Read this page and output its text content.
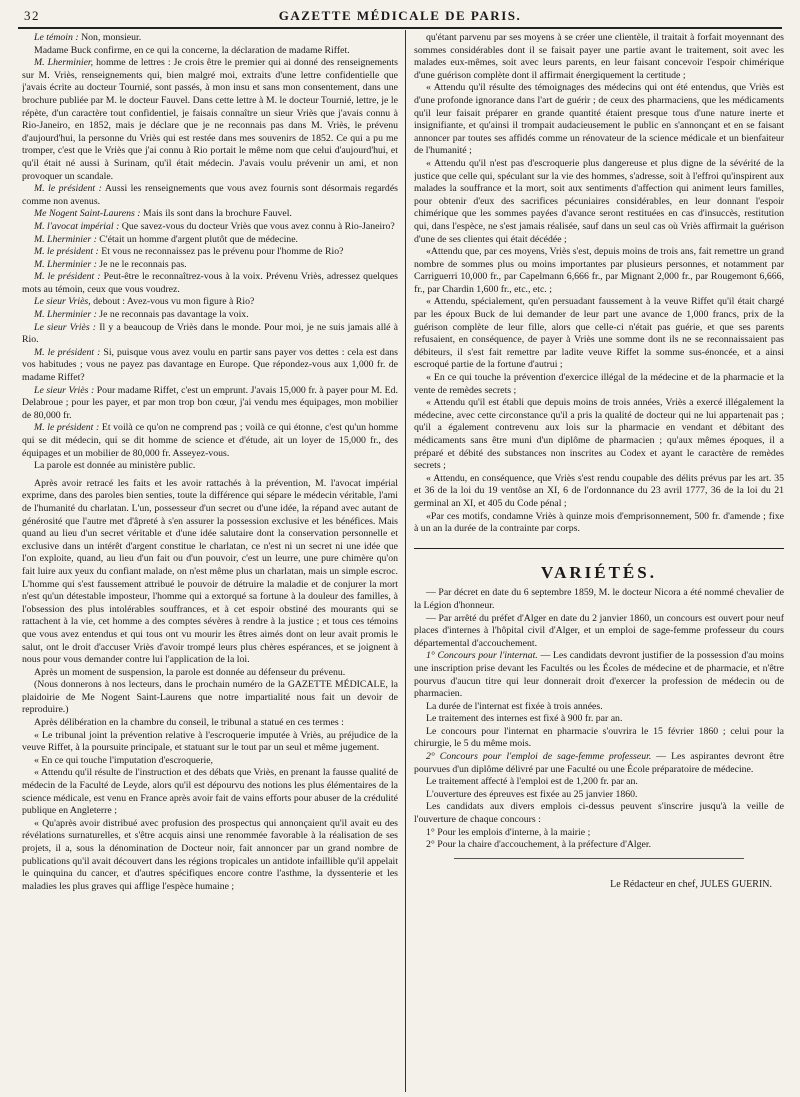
32	GAZETTE MÉDICALE DE PARIS.

Le témoin : Non, monsieur.

Madame Buck confirme, en ce qui la concerne, la déclaration de madame Riffet.

M. Lherminier, homme de lettres : Je crois être le premier qui ai donné des renseignements sur M. Vriès, renseignements qui, bien malgré moi, extraits d'une lettre confidentielle que j'avais écrite au docteur Tournié, sont passés, à mon insu et sans mon consentement, dans une brochure publiée par M. le docteur Fauvel. Dans cette lettre à M. le docteur Tournié, lettre, je le répète, d'un caractère tout confidentiel, je faisais connaître un sieur Vriès que j'avais connu à Rio-Janeiro, en 1852, mais je déclare que je ne reconnais pas dans M. Vriès, le prévenu d'aujourd'hui, la personne du Vriès qui est restée dans mes souvenirs de 1852. Ce qui a pu me tromper, c'est que le Vriès que j'ai connu à Rio portait le même nom que celui d'aujourd'hui, et qu'il était né aussi à Surinam, qu'il était médecin. J'avais voulu prévenir un ami, et non provoquer un scandale.

M. le président : Aussi les renseignements que vous avez fournis sont désormais regardés comme non avenus.

Me Nogent Saint-Laurens : Mais ils sont dans la brochure Fauvel.

M. l'avocat impérial : Que savez-vous du docteur Vriès que vous avez connu à Rio-Janeiro?

M. Lherminier : C'était un homme d'argent plutôt que de médecine.

M. le président : Et vous ne reconnaissez pas le prévenu pour l'homme de Rio?

M. Lherminier : Je ne le reconnais pas.

M. le président : Peut-être le reconnaîtrez-vous à la voix. Prévenu Vriès, adressez quelques mots au témoin, ceux que vous voudrez.

Le sieur Vriès, debout : Avez-vous vu mon figure à Rio?

M. Lherminier : Je ne reconnais pas davantage la voix.

Le sieur Vriès : Il y a beaucoup de Vriès dans le monde. Pour moi, je ne suis jamais allé à Rio.

M. le président : Si, puisque vous avez voulu en partir sans payer vos dettes : cela est dans vos habitudes ; vous ne payez pas davantage en Europe. Que répondez-vous aux 1,000 fr. de madame Riffet?

Le sieur Vriès : Pour madame Riffet, c'est un emprunt. J'avais 15,000 fr. à payer pour M. Ed. Delabroue ; pour les payer, et par mon trop bon cœur, j'ai vendu mes équipages, mon mobilier de 80,000 fr.

M. le président : Et voilà ce qu'on ne comprend pas ; voilà ce qui étonne, c'est qu'un homme qui se dit médecin, qui se dit homme de science et d'étude, ait un loyer de 15,000 fr., des équipages et un mobilier de 80,000 fr. Asseyez-vous.

La parole est donnée au ministère public.

Après avoir retracé les faits et les avoir rattachés à la prévention, M. l'avocat impérial exprime, dans des paroles bien senties, toute la différence qui sépare le médecin véritable, l'ami de l'humanité du charlatan. L'un, possesseur d'un secret ou d'une idée, la répand avec autant de générosité que l'autre met d'âpreté à s'en assurer la possession exclusive et les bénéfices. Mais quand au lieu d'un secret véritable et d'une idée salutaire dont la conservation personnelle et exclusive dans un intérêt d'argent constitue le charlatan, ce n'est ni un secret ni une idée que l'on exploite, quand, au lieu d'un fait ou d'un pouvoir, c'est un leurre, une pure chimère qu'on fait luire aux yeux du confiant malade, on n'est même plus un charlatan, mais un simple escroc. L'homme qui s'est faussement attribué le pouvoir de détruire la maladie et de conjurer la mort n'est qu'un détestable imposteur, l'homme qui a extorqué sa fortune à la douleur des familles, à l'obsession des plus intolérables souffrances, et à cet espoir obstiné des mourants qui se rattachent à la vie, cet homme a des comptes sévères à rendre à la justice ; et tous ces témoins que vous avez entendus et qui tous ont vu mourir les êtres aimés dont on leur avait promis le salut, ont le droit d'accuser Vriès d'avoir trompé leurs plus chères espérances, et se joignent à nous pour vous demander contre lui l'application de la loi.

Après un moment de suspension, la parole est donnée au défenseur du prévenu.

(Nous donnerons à nos lecteurs, dans le prochain numéro de la GAZETTE MÉDICALE, la plaidoirie de Me Nogent Saint-Laurens que notre impartialité nous fait un devoir de reproduire.)

Après délibération en la chambre du conseil, le tribunal a statué en ces termes :

« Le tribunal joint la prévention relative à l'escroquerie imputée à Vriès, au préjudice de la veuve Riffet, à la poursuite principale, et statuant sur le tout par un seul et même jugement.

« En ce qui touche l'imputation d'escroquerie,

« Attendu qu'il résulte de l'instruction et des débats que Vriès, en prenant la fausse qualité de médecin de la Faculté de Leyde, alors qu'il est dépourvu des notions les plus élémentaires de la science médicale, est venu en France après avoir fait de vains efforts pour abuser de la crédulité publique en Angleterre ;

« Qu'après avoir distribué avec profusion des prospectus qui annonçaient qu'il avait eu des révélations surnaturelles, et s'être acquis ainsi une renommée favorable à la réalisation de ses projets, il a, sous la dénomination de Docteur noir, fait annoncer par un grand nombre de publications qu'il avait découvert dans les régions tropicales un antidote infaillible qu'il appelait le quinquina du cancer, et d'autres spécifiques encore contre l'asthme, la dyssenterie et les maladies les plus graves qui afflige l'espèce humaine ;

qu'étant parvenu par ses moyens à se créer une clientèle, il traitait à forfait moyennant des sommes considérables dont il se faisait payer une partie avant le traitement, soit avec les malades eux-mêmes, soit avec leurs parents, en leur faisant concevoir l'espoir chimérique d'une guérison complète dont il affirmait énergiquement la certitude ;

« Attendu qu'il résulte des témoignages des médecins qui ont été entendus, que Vriès est d'une profonde ignorance dans l'art de guérir ; de ceux des pharmaciens, que les médicaments qu'il leur faisait préparer en grande quantité étaient presque tous d'une nature inerte et insignifiante, et qu'ainsi il trompait audacieusement le public en s'annonçant et en se faisant annoncer par toutes ses affidés comme un rénovateur de la science médicale et un bienfaiteur de l'humanité ;

« Attendu qu'il n'est pas d'escroquerie plus dangereuse et plus digne de la sévérité de la justice que celle qui, spéculant sur la vie des hommes, s'adresse, soit à l'effroi qu'inspirent aux malades la souffrance et la mort, soit aux sentiments d'affection qui animent leurs familles, pour obtenir d'eux des sacrifices pécuniaires considérables, en leur donnant l'espoir chimérique que les sommes payées d'avance seront restituées en cas d'insuccès, restitution qui, dans l'espèce, ne s'est jamais réalisée, sauf dans un seul cas où Vriès affirmait la guérison d'une de ses clientes qui était décédée ;

«Attendu que, par ces moyens, Vriès s'est, depuis moins de trois ans, fait remettre un grand nombre de sommes plus ou moins importantes par plusieurs personnes, et notamment par Carriguerri 10,000 fr., par Capelmann 6,666 fr., par Mignant 2,000 fr., par Rougemont 6,666, fr., par Chardin 1,600 fr., etc., etc. ;

« Attendu, spécialement, qu'en persuadant faussement à la veuve Riffet qu'il était chargé par les époux Buck de lui demander de leur part une avance de 1,000 francs, prix de la guérison complète de leur fille, alors que celle-ci n'était pas guérie, et que ses parents refusaient, en conséquence, de payer à Vriès une somme dont ils ne se reconnaissaient pas débiteurs, il s'est fait remettre par ladite veuve Riffet la somme sus-énoncée, et a ainsi escroqué partie de la fortune d'autrui ;

« En ce qui touche la prévention d'exercice illégal de la médecine et de la pharmacie et la vente de remèdes secrets ;

« Attendu qu'il est établi que depuis moins de trois années, Vriès a exercé illégalement la médecine, avec cette circonstance qu'il a pris la qualité de docteur qui ne lui appartenait pas ; qu'il a également contrevenu aux lois sur la pharmacie en vendant et débitant des médicaments sans être muni d'un diplôme de pharmacien ; qu'aux mêmes époques, il a préparé et débité des substances non inscrites au Codex et ayant le caractère de remèdes secrets ;

« Attendu, en conséquence, que Vriès s'est rendu coupable des délits prévus par les art. 35 et 36 de la loi du 19 ventôse an XI, 6 de l'ordonnance du 23 avril 1777, 36 de la loi du 21 germinal an XI, et 405 du Code pénal ;

«Par ces motifs, condamne Vriès à quinze mois d'emprisonnement, 500 fr. d'amende ; fixe à un an la durée de la contrainte par corps.

VARIÉTÉS.

— Par décret en date du 6 septembre 1859, M. le docteur Nicora a été nommé chevalier de la Légion d'honneur.

— Par arrêté du préfet d'Alger en date du 2 janvier 1860, un concours est ouvert pour neuf places d'internes à l'hôpital civil d'Alger, et un emploi de sage-femme professeur du cours départemental d'accouchement.

1° Concours pour l'internat. — Les candidats devront justifier de la possession d'au moins une inscription prise devant les Facultés ou les Écoles de médecine et de pharmacie, et n'être pourvus d'aucun titre qui leur donnerait droit d'exercer la profession de médecin ou de pharmacien.

La durée de l'internat est fixée à trois années.

Le traitement des internes est fixé à 900 fr. par an.

Le concours pour l'internat en pharmacie s'ouvrira le 15 février 1860 ; celui pour la chirurgie, le 5 du même mois.

2° Concours pour l'emploi de sage-femme professeur. — Les aspirantes devront être pourvues d'un diplôme délivré par une Faculté ou une École préparatoire de médecine.

Le traitement affecté à l'emploi est de 1,200 fr. par an.

L'ouverture des épreuves est fixée au 25 janvier 1860.

Les candidats aux divers emplois ci-dessus peuvent s'inscrire jusqu'à la veille de l'ouverture de chaque concours :

1° Pour les emplois d'interne, à la mairie ;

2° Pour la chaire d'accouchement, à la préfecture d'Alger.

Le Rédacteur en chef, JULES GUERIN.
